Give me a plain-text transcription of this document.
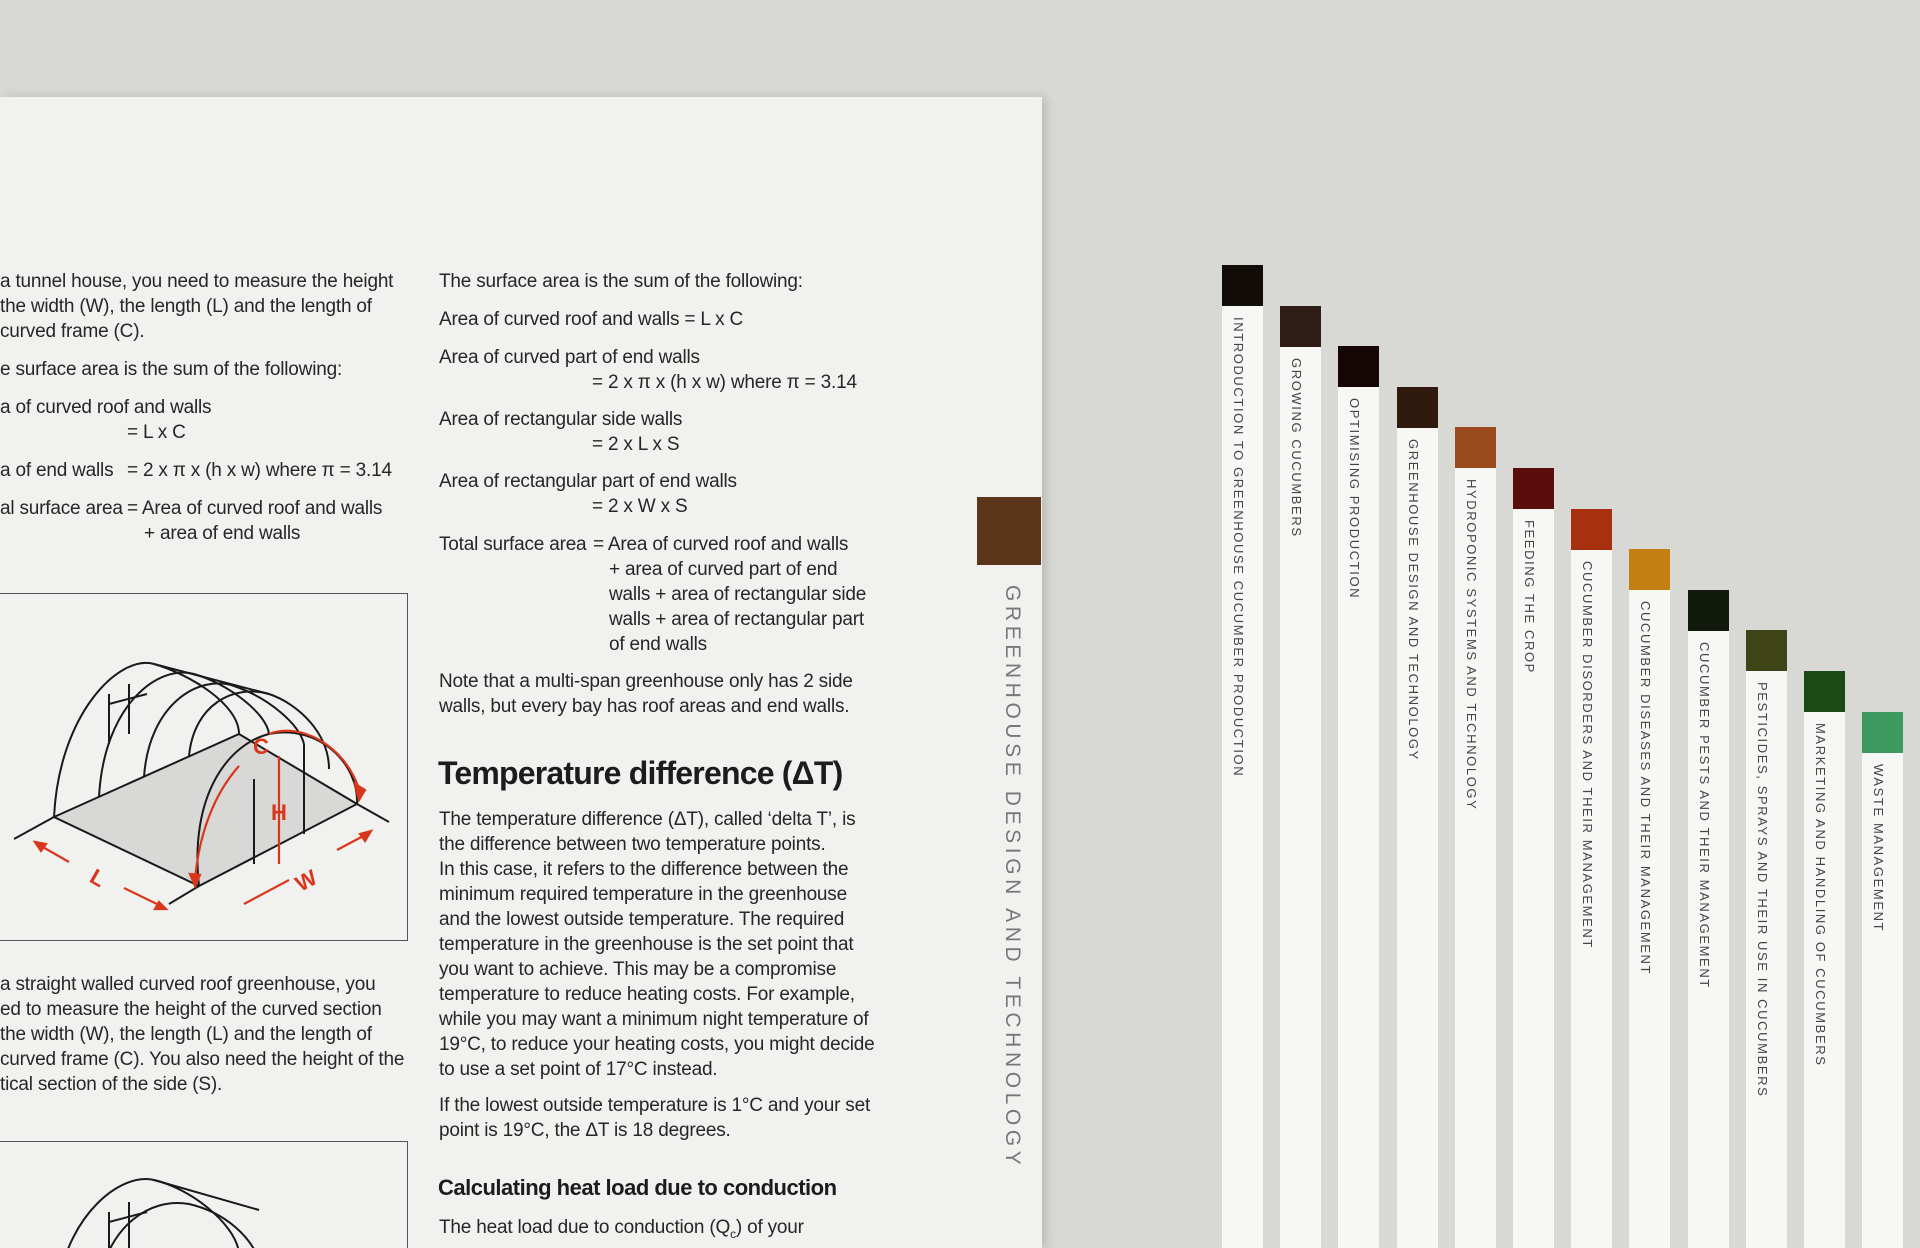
a tunnel house, you need to measure the height
the width (W), the length (L) and the length of
curved frame (C).
e surface area is the sum of the following:
a of curved roof and walls
= L x C
a of end walls = 2 x π x (h x w) where π = 3.14
al surface area = Area of curved roof and walls
+ area of end walls
C
H
L	W
a straight walled curved roof greenhouse, you
ed to measure the height of the curved section
the width (W), the length (L) and the length of
curved frame (C). You also need the height of the
tical section of the side (S).
The surface area is the sum of the following:
Area of curved roof and walls = L x C
Area of curved part of end walls
= 2 x π x (h x w) where π = 3.14
Area of rectangular side walls
= 2 x L x S
Area of rectangular part of end walls
= 2 x W x S
Total surface area = Area of curved roof and walls
+ area of curved part of end
walls + area of rectangular side
walls + area of rectangular part
of end walls
Note that a multi-span greenhouse only has 2 side
walls, but every bay has roof areas and end walls.
Temperature difference (ΔT)
The temperature difference (ΔT), called ‘delta T’, is
the difference between two temperature points.
In this case, it refers to the difference between the
minimum required temperature in the greenhouse
and the lowest outside temperature. The required
temperature in the greenhouse is the set point that
you want to achieve. This may be a compromise
temperature to reduce heating costs. For example,
while you may want a minimum night temperature of
19°C, to reduce your heating costs, you might decide
to use a set point of 17°C instead.
If the lowest outside temperature is 1°C and your set
point is 19°C, the ΔT is 18 degrees.
Calculating heat load due to conduction
The heat load due to conduction $(Q_c)$ of your
GREENHOUSE DESIGN AND TECHNOLOGY
INTRODUCTION TO GREENHOUSE CUCUMBER PRODUCTION	GROWING CUCUMBERS	OPTIMISING PRODUCTION	GREENHOUSE DESIGN AND TECHNOLOGY	HYDROPONIC SYSTEMS AND TECHNOLOGY	FEEDING THE CROP	CUCUMBER DISORDERS AND THEIR MANAGEMENT	CUCUMBER DISEASES AND THEIR MANAGEMENT	CUCUMBER PESTS AND THEIR MANAGEMENT	PESTICIDES, SPRAYS AND THEIR USE IN CUCUMBERS	MARKETING AND HANDLING OF CUCUMBERS	WASTE MANAGEMENT
